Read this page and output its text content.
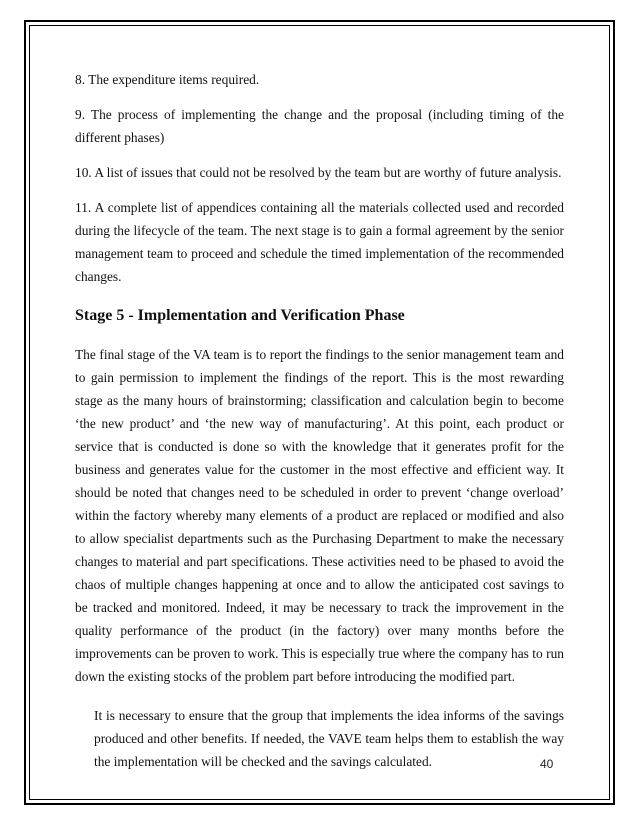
8. The expenditure items required.

9. The process of implementing the change and the proposal (including timing of the different phases)

10. A list of issues that could not be resolved by the team but are worthy of future analysis.

11. A complete list of appendices containing all the materials collected used and recorded during the lifecycle of the team. The next stage is to gain a formal agreement by the senior management team to proceed and schedule the timed implementation of the recommended changes.

Stage 5 - Implementation and Verification Phase

The final stage of the VA team is to report the findings to the senior management team and to gain permission to implement the findings of the report. This is the most rewarding stage as the many hours of brainstorming; classification and calculation begin to become ‘the new product’ and ‘the new way of manufacturing’. At this point, each product or service that is conducted is done so with the knowledge that it generates profit for the business and generates value for the customer in the most effective and efficient way. It should be noted that changes need to be scheduled in order to prevent ‘change overload’ within the factory whereby many elements of a product are replaced or modified and also to allow specialist departments such as the Purchasing Department to make the necessary changes to material and part specifications. These activities need to be phased to avoid the chaos of multiple changes happening at once and to allow the anticipated cost savings to be tracked and monitored. Indeed, it may be necessary to track the improvement in the quality performance of the product (in the factory) over many months before the improvements can be proven to work. This is especially true where the company has to run down the existing stocks of the problem part before introducing the modified part.

It is necessary to ensure that the group that implements the idea informs of the savings produced and other benefits. If needed, the VAVE team helps them to establish the way the implementation will be checked and the savings calculated.	40
